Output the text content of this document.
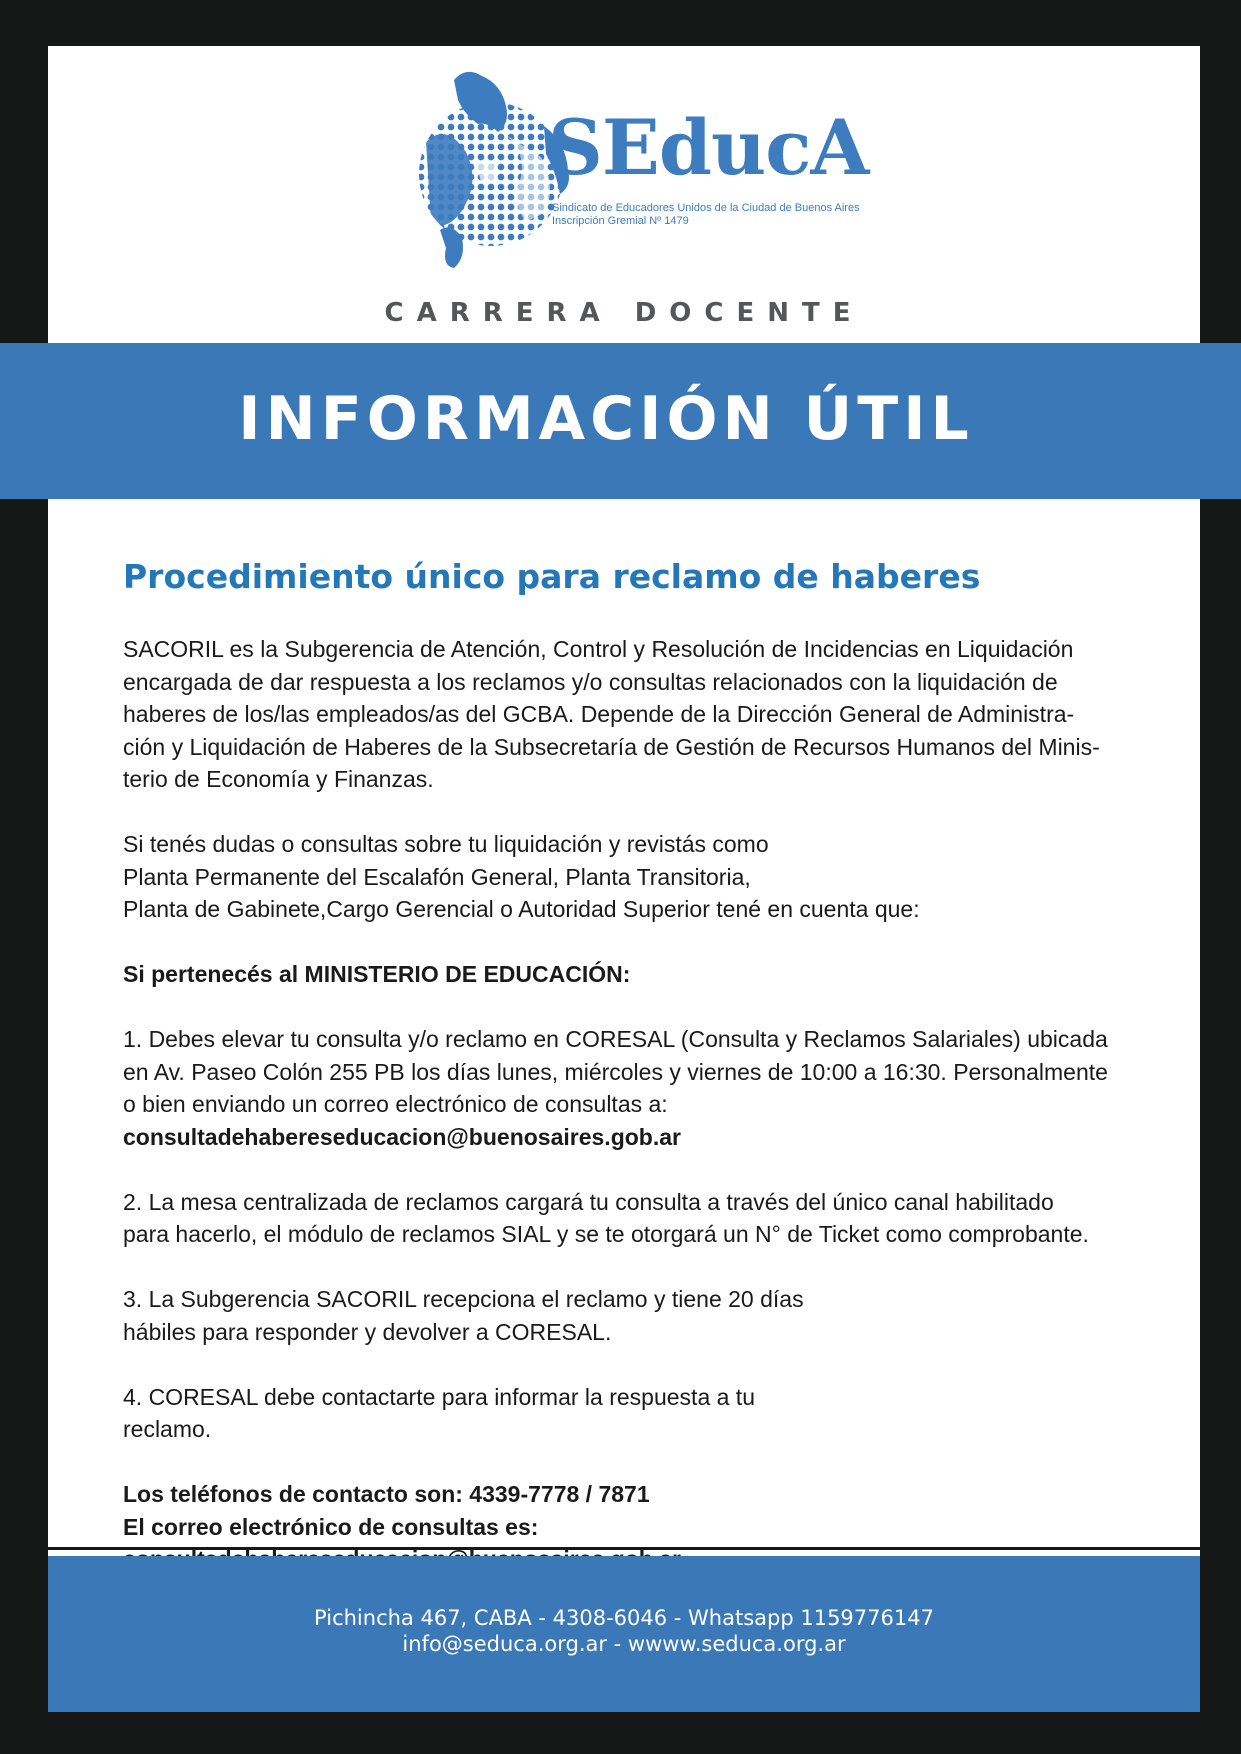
SEducA
Sindicato de Educadores Unidos de la Ciudad de Buenos Aires
Inscripción Gremial Nº 1479
CARRERA DOCENTE
Procedimiento único para reclamo de haberes

SACORIL es la Subgerencia de Atención, Control y Resolución de Incidencias en Liquidación

encargada de dar respuesta a los reclamos y/o consultas relacionados con la liquidación de

haberes de los/las empleados/as del GCBA. Depende de la Dirección General de Administra-

ción y Liquidación de Haberes de la Subsecretaría de Gestión de Recursos Humanos del Minis-

terio de Economía y Finanzas.

Si tenés dudas o consultas sobre tu liquidación y revistás como

Planta Permanente del Escalafón General, Planta Transitoria,

Planta de Gabinete,Cargo Gerencial o Autoridad Superior tené en cuenta que:

Si pertenecés al MINISTERIO DE EDUCACIÓN:

1. Debes elevar tu consulta y/o reclamo en CORESAL (Consulta y Reclamos Salariales) ubicada

en Av. Paseo Colón 255 PB los días lunes, miércoles y viernes de 10:00 a 16:30. Personalmente

o bien enviando un correo electrónico de consultas a:

consultadehabereseducacion@buenosaires.gob.ar

2. La mesa centralizada de reclamos cargará tu consulta a través del único canal habilitado

para hacerlo, el módulo de reclamos SIAL y se te otorgará un N° de Ticket como comprobante.

3. La Subgerencia SACORIL recepciona el reclamo y tiene 20 días

hábiles para responder y devolver a CORESAL.

4. CORESAL debe contactarte para informar la respuesta a tu

reclamo.

Los teléfonos de contacto son: 4339-7778 / 7871

El correo electrónico de consultas es:

INFORMACIÓN ÚTIL
Pichincha 467, CABA - 4308-6046 - Whatsapp 1159776147
info@seduca.org.ar - wwww.seduca.org.ar
